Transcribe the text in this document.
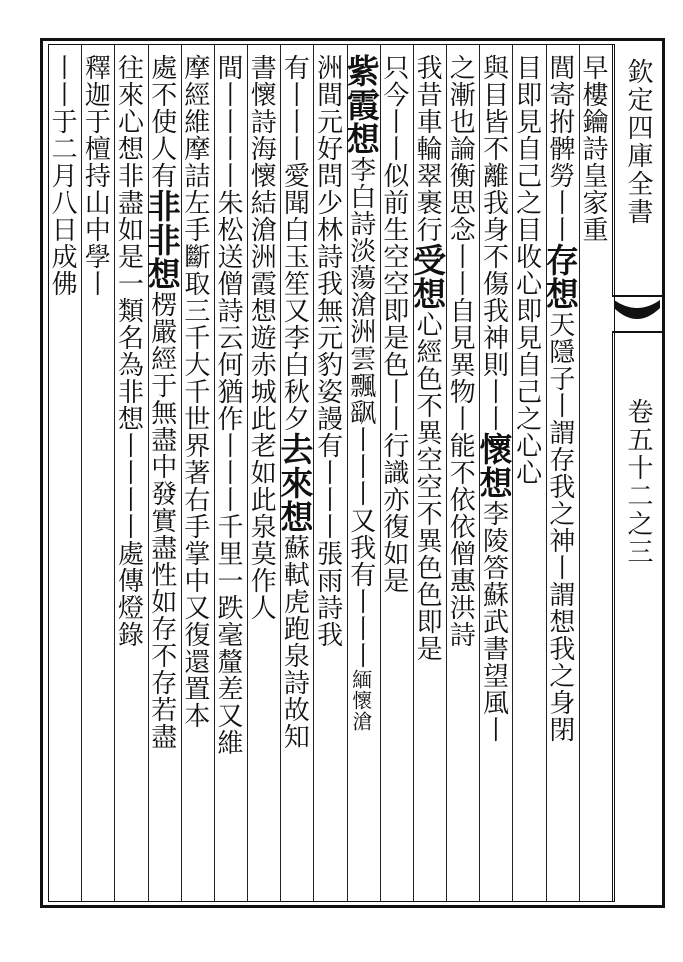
欽定四庫全書
卷五十二之三
早樓鑰詩皇家重
閭寄拊髀勞丨丨存想天隱子丨謂存我之神丨謂想我之身閉
目即見自己之目收心即見自己之心心
與目皆不離我身不傷我神則丨丨懷想李陵答蘇武書望風丨
之漸也論衡思念丨丨自見異物丨能不依依僧惠洪詩
我昔車輪翠裹行受想心經色不異空空不異色色即是
只今丨丨似前生空空即是色丨丨行識亦復如是
紫霞想李白詩淡蕩滄洲雲飄飖丨丨丨又我有丨丨丨緬懷滄
洲間元好問少林詩我無元豹姿謾有丨丨丨張雨詩我
有丨丨丨愛聞白玉笙又李白秋夕去來想蘇軾虎跑泉詩故知
書懷詩海懷結滄洲霞想遊赤城此老如此泉莫作人
間丨丨丨丨朱松送僧詩云何猶作丨丨丨千里一跌毫釐差又維
摩經維摩詰左手斷取三千大千世界著右手掌中又復還置本
處不使人有非非想楞嚴經于無盡中發實盡性如存不存若盡
往來心想非盡如是一類名為非想丨丨丨丨處傳燈錄
釋迦于檀持山中學丨
丨丨于二月八日成佛
